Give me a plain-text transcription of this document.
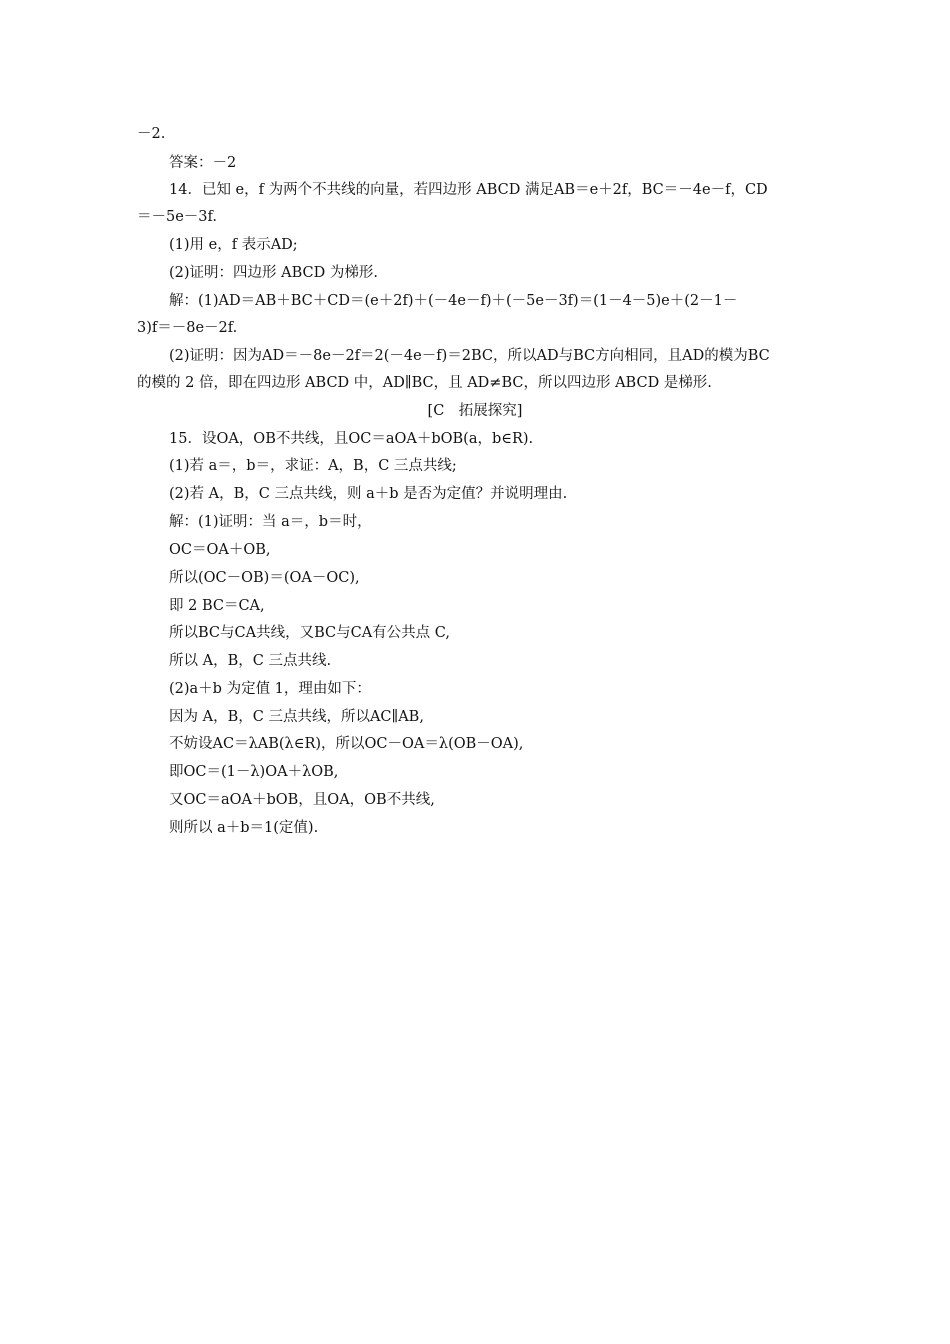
－2.
答案：－2
14．已知 e，f 为两个不共线的向量，若四边形 ABCD 满足AB＝e＋2f，BC＝－4e－f，CD
＝－5e－3f.
(1)用 e，f 表示AD;
(2)证明：四边形 ABCD 为梯形.
解：(1)AD＝AB＋BC＋CD＝(e＋2f)＋(－4e－f)＋(－5e－3f)＝(1－4－5)e＋(2－1－
3)f＝－8e－2f.
(2)证明：因为AD＝－8e－2f＝2(－4e－f)＝2BC，所以AD与BC方向相同，且AD的模为BC
的模的 2 倍，即在四边形 ABCD 中，AD∥BC，且 AD≠BC，所以四边形 ABCD 是梯形.
[C　拓展探究]
15．设OA，OB不共线，且OC＝aOA＋bOB(a，b∈R).
(1)若 a＝，b＝，求证：A，B，C 三点共线;
(2)若 A，B，C 三点共线，则 a＋b 是否为定值？并说明理由.
解：(1)证明：当 a＝，b＝时，
OC＝OA＋OB,
所以(OC－OB)＝(OA－OC),
即 2 BC＝CA,
所以BC与CA共线，又BC与CA有公共点 C,
所以 A，B，C 三点共线.
(2)a＋b 为定值 1，理由如下：
因为 A，B，C 三点共线，所以AC∥AB,
不妨设AC＝λAB(λ∈R)，所以OC－OA＝λ(OB－OA),
即OC＝(1－λ)OA＋λOB,
又OC＝aOA＋bOB，且OA，OB不共线,
则所以 a＋b＝1(定值).
